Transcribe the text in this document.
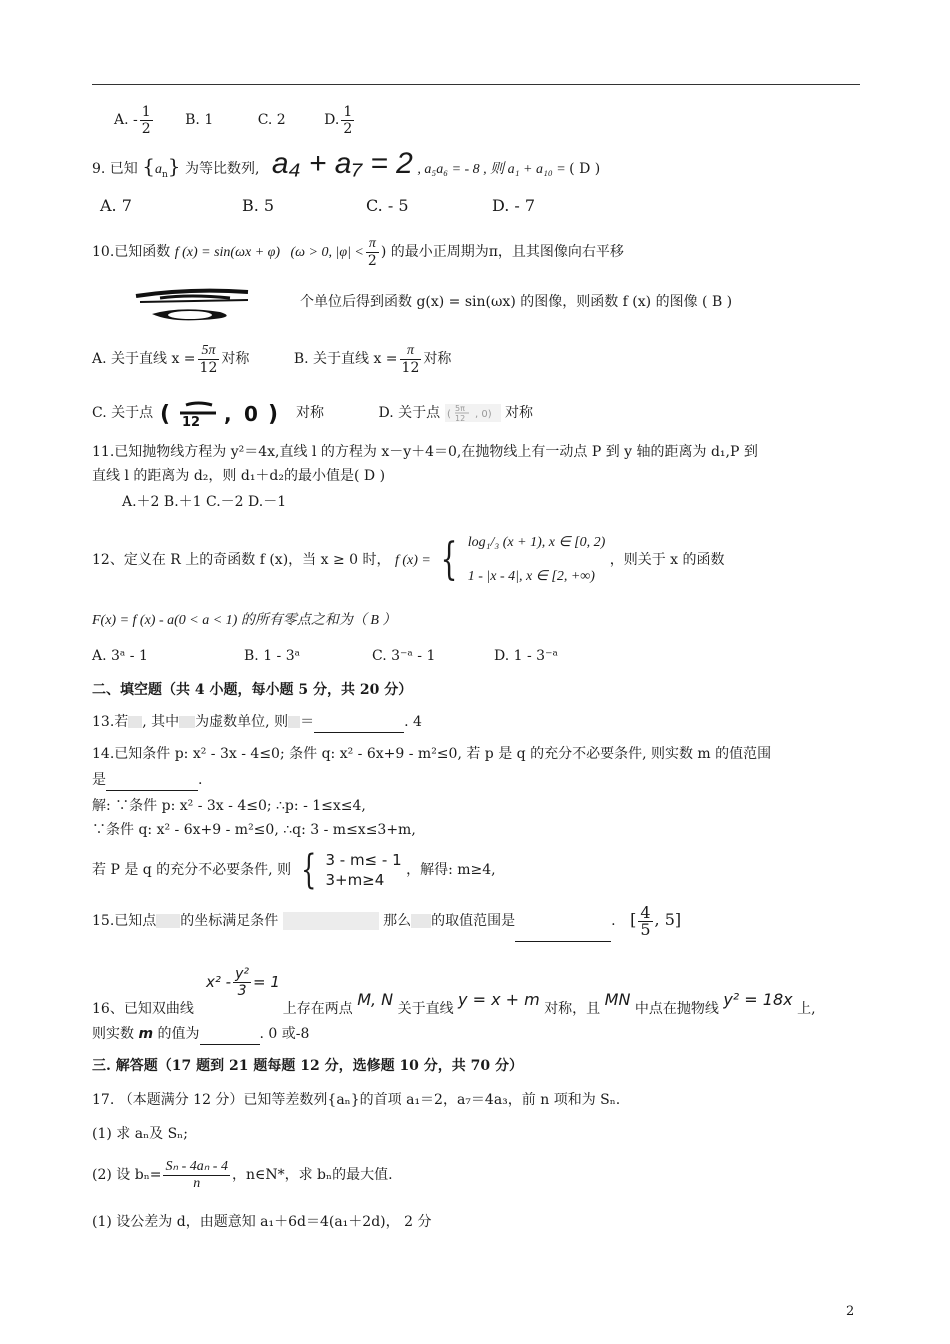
A. - $\frac{1}{2} B$. 1	C. 2	D. $\frac{1}{2}$
9. 已知 $\{a_n\}$ 为等比数列, a₄ + a₇ = 2 , a₅a₆ = - 8 , 则 a₁ + a₁₀ = ( D )
A. 7	B. 5	C. - 5	D. - 7
10.已知函数 f (x) = sin(ωx + φ) (ω > 0, $|\varphi| < \frac{\pi}{2}$ ) 的最小正周期为π，且其图像向右平移
个单位后得到函数 g(x) = sin(ωx) 的图像，则函数 f (x) 的图像 ( B )
A. 关于直线 $x = \frac{5\pi}{12}$ 对称	B. 关于直线 $x = \frac{\pi}{12}$ 对称
C. 关于点 ( 12 , 0 ) 对称	D. 关于点 (
5π
12 , 0) 对称
11.已知抛物线方程为 y²＝4x,直线 l 的方程为 x－y＋4＝0,在抛物线上有一动点 P 到 y 轴的距离为 d₁,P 到
直线 l 的距离为 d₂，则 d₁＋d₂的最小值是( D )
A.＋2 B.＋1 C.－2 D.－1
12、定义在 R 上的奇函数 f (x)，当 x ≥ 0 时， f (x) = { log₁/₃ (x + 1), x ∈ [0, 2)
1 - |x - 4|, x ∈ [2, +∞)
，则关于 x 的函数
F(x) = f (x) - a(0 < a < 1) 的所有零点之和为（ B ）
A. 3ᵃ - 1	B. 1 - 3ᵃ	C. 3⁻ᵃ - 1	D. 1 - 3⁻ᵃ
二、填空题（共 4 小题，每小题 5 分，共 20 分）
13.若 , 其中 为虚数单位, 则 ＝	. 4
14.已知条件 p: x² - 3x - 4≤0; 条件 q: x² - 6x+9 - m²≤0, 若 p 是 q 的充分不必要条件, 则实数 m 的值范围
是	.
解: ∵条件 p: x² - 3x - 4≤0; ∴p: - 1≤x≤4,
∵条件 q: x² - 6x+9 - m²≤0, ∴q: 3 - m≤x≤3+m,
若 P 是 q 的充分不必要条件, 则 { 3 - m≤ - 1
3+m≥4
，解得: m≥4,
15.已知点 的坐标满足条件	那么 的取值范围是	. [ $\frac{4}{5}$ , 5]
$x^2 - \frac{\text{y²}}{3} = 1$
16、已知双曲线	上存在两点 M, N 关于直线 y = x + m 对称，且 MN 中点在抛物线 y² = 18x 上,
则实数 m 的值为	. 0 或-8
三. 解答题（17 题到 21 题每题 12 分，选修题 10 分，共 70 分）
17. （本题满分 12 分）已知等差数列{aₙ}的首项 a₁＝2，a₇＝4a₃，前 n 项和为 Sₙ.
(1) 求 aₙ及 Sₙ;
(2) 设 $b_n= \frac{\text{Sₙ - 4aₙ - 4}}{n}$ ，n∈N*，求 bₙ的最大值.
(1) 设公差为 d，由题意知 a₁＋6d＝4(a₁＋2d)， 2 分
2
